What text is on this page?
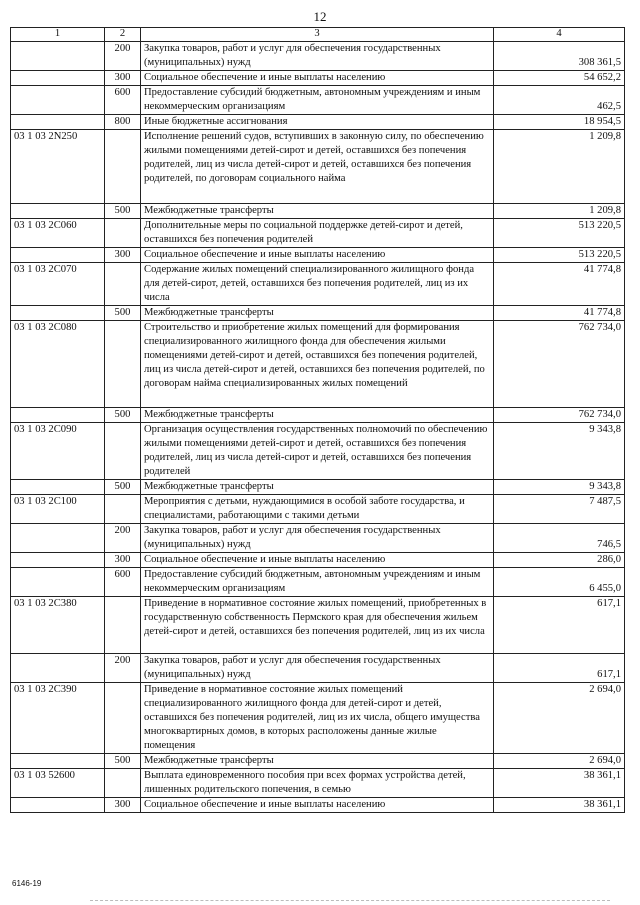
12
1	2	3	4
	200	Закупка товаров, работ и услуг для обеспечения государственных (муниципальных) нужд	308 361,5
	300	Социальное обеспечение и иные выплаты населению	54 652,2
	600	Предоставление субсидий бюджетным, автономным учреждениям и иным некоммерческим организациям	462,5
	800	Иные бюджетные ассигнования	18 954,5
03 1 03 2N250		Исполнение решений судов, вступивших в законную силу, по обеспечению жилыми помещениями детей-сирот и детей, оставшихся без попечения родителей, лиц из числа детей-сирот и детей, оставшихся без попечения родителей, по договорам социального найма	1 209,8
	500	Межбюджетные трансферты	1 209,8
03 1 03 2С060		Дополнительные меры по социальной поддержке детей-сирот и детей, оставшихся без попечения родителей	513 220,5
	300	Социальное обеспечение и иные выплаты населению	513 220,5
03 1 03 2С070		Содержание жилых помещений специализированного жилищного фонда для детей-сирот, детей, оставшихся без попечения родителей, лиц из их числа	41 774,8
	500	Межбюджетные трансферты	41 774,8
03 1 03 2С080		Строительство и приобретение жилых помещений для формирования специализированного жилищного фонда для обеспечения жилыми помещениями детей-сирот и детей, оставшихся без попечения родителей, лиц из числа детей-сирот и детей, оставшихся без попечения родителей, по договорам найма специализированных жилых помещений	762 734,0
	500	Межбюджетные трансферты	762 734,0
03 1 03 2С090		Организация осуществления государственных полномочий по обеспечению жилыми помещениями детей-сирот и детей, оставшихся без попечения родителей, лиц из числа детей-сирот и детей, оставшихся без попечения родителей	9 343,8
	500	Межбюджетные трансферты	9 343,8
03 1 03 2С100		Мероприятия с детьми, нуждающимися в особой заботе государства, и специалистами, работающими с такими детьми	7 487,5
	200	Закупка товаров, работ и услуг для обеспечения государственных (муниципальных) нужд	746,5
	300	Социальное обеспечение и иные выплаты населению	286,0
	600	Предоставление субсидий бюджетным, автономным учреждениям и иным некоммерческим организациям	6 455,0
03 1 03 2С380		Приведение в нормативное состояние жилых помещений, приобретенных в государственную собственность Пермского края для обеспечения жильем детей-сирот и детей, оставшихся без попечения родителей, лиц из их числа	617,1
	200	Закупка товаров, работ и услуг для обеспечения государственных (муниципальных) нужд	617,1
03 1 03 2С390		Приведение в нормативное состояние жилых помещений специализированного жилищного фонда для детей-сирот и детей, оставшихся без попечения родителей, лиц из их числа, общего имущества многоквартирных домов, в которых расположены данные жилые помещения	2 694,0
	500	Межбюджетные трансферты	2 694,0
03 1 03 52600		Выплата единовременного пособия при всех формах устройства детей, лишенных родительского попечения, в семью	38 361,1
	300	Социальное обеспечение и иные выплаты населению	38 361,1
6146-19
